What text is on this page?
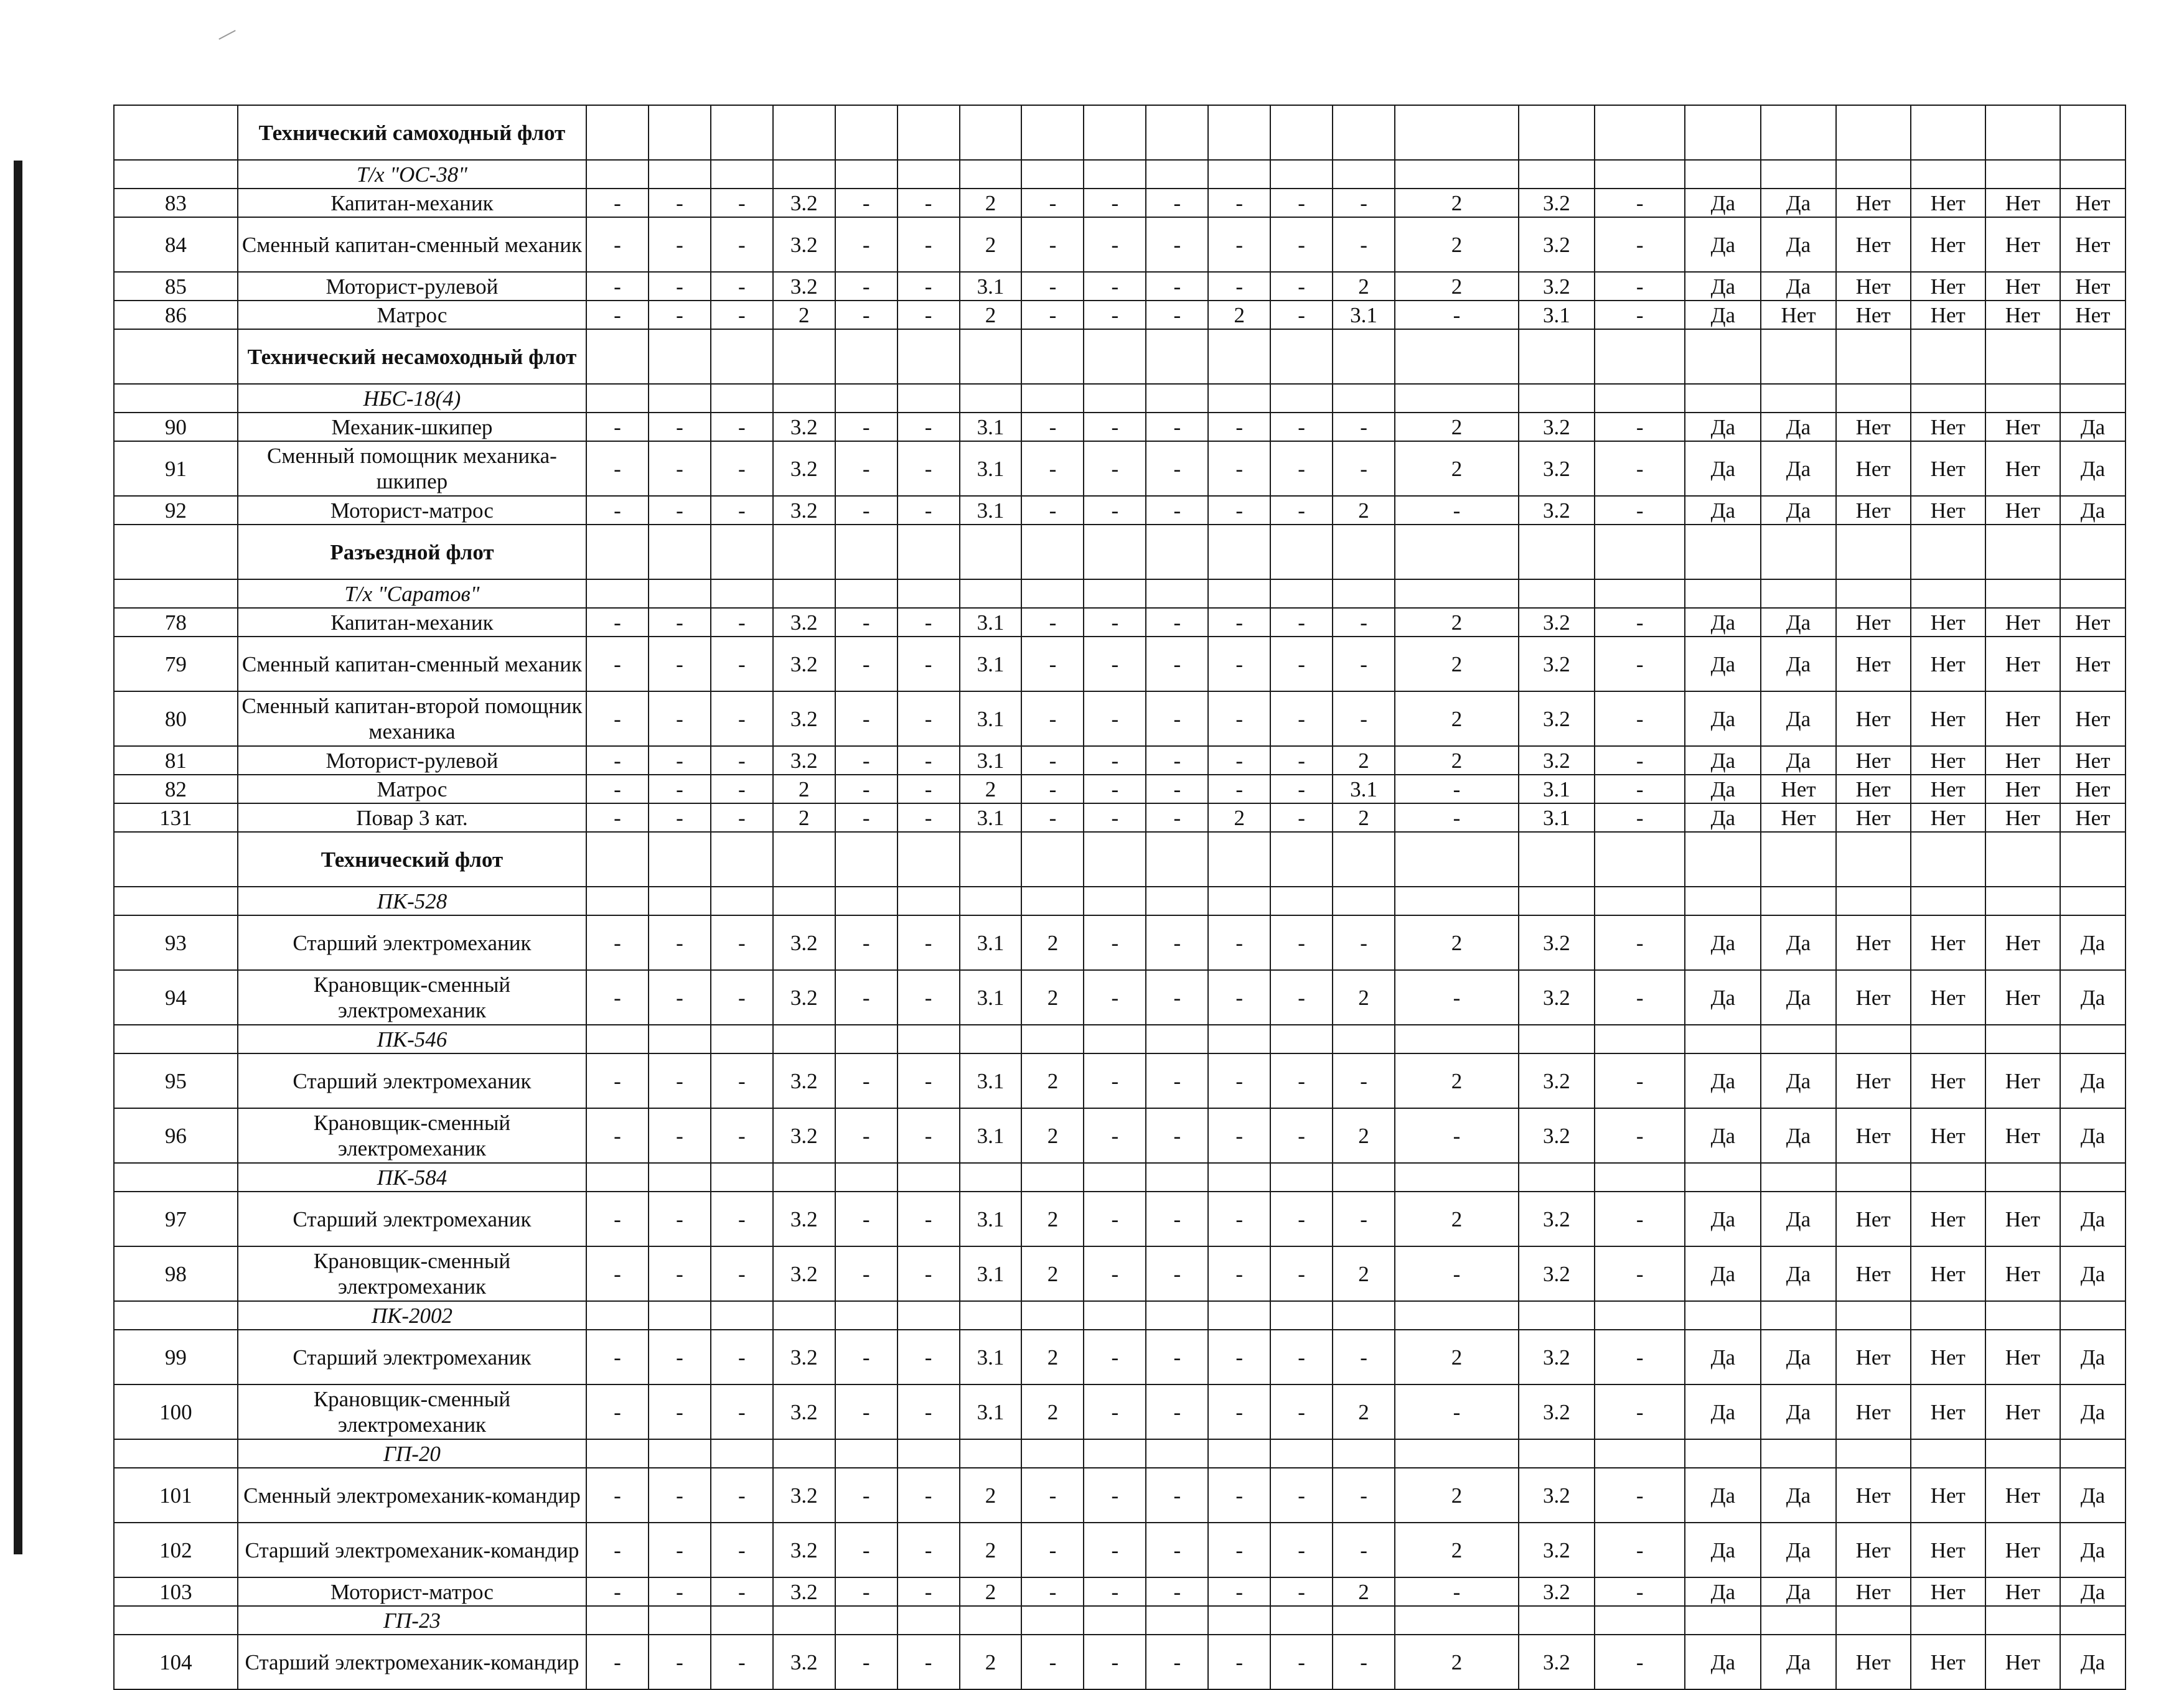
	Технический самоходный флот																						
	Т/х "ОС-38"																						
83	Капитан-механик	-	-	-	3.2	-	-	2	-	-	-	-	-	-	2	3.2	-	Да	Да	Нет	Нет	Нет	Нет
84	Сменный капитан-сменный механик	-	-	-	3.2	-	-	2	-	-	-	-	-	-	2	3.2	-	Да	Да	Нет	Нет	Нет	Нет
85	Моторист-рулевой	-	-	-	3.2	-	-	3.1	-	-	-	-	-	2	2	3.2	-	Да	Да	Нет	Нет	Нет	Нет
86	Матрос	-	-	-	2	-	-	2	-	-	-	2	-	3.1	-	3.1	-	Да	Нет	Нет	Нет	Нет	Нет
	Технический несамоходный флот																						
	НБС-18(4)																						
90	Механик-шкипер	-	-	-	3.2	-	-	3.1	-	-	-	-	-	-	2	3.2	-	Да	Да	Нет	Нет	Нет	Да
91	Сменный помощник механика-шкипер	-	-	-	3.2	-	-	3.1	-	-	-	-	-	-	2	3.2	-	Да	Да	Нет	Нет	Нет	Да
92	Моторист-матрос	-	-	-	3.2	-	-	3.1	-	-	-	-	-	2	-	3.2	-	Да	Да	Нет	Нет	Нет	Да
	Разъездной флот																						
	Т/х "Саратов"																						
78	Капитан-механик	-	-	-	3.2	-	-	3.1	-	-	-	-	-	-	2	3.2	-	Да	Да	Нет	Нет	Нет	Нет
79	Сменный капитан-сменный механик	-	-	-	3.2	-	-	3.1	-	-	-	-	-	-	2	3.2	-	Да	Да	Нет	Нет	Нет	Нет
80	Сменный капитан-второй помощник механика	-	-	-	3.2	-	-	3.1	-	-	-	-	-	-	2	3.2	-	Да	Да	Нет	Нет	Нет	Нет
81	Моторист-рулевой	-	-	-	3.2	-	-	3.1	-	-	-	-	-	2	2	3.2	-	Да	Да	Нет	Нет	Нет	Нет
82	Матрос	-	-	-	2	-	-	2	-	-	-	-	-	3.1	-	3.1	-	Да	Нет	Нет	Нет	Нет	Нет
131	Повар 3 кат.	-	-	-	2	-	-	3.1	-	-	-	2	-	2	-	3.1	-	Да	Нет	Нет	Нет	Нет	Нет
	Технический флот																						
	ПК-528																						
93	Старший электромеханик	-	-	-	3.2	-	-	3.1	2	-	-	-	-	-	2	3.2	-	Да	Да	Нет	Нет	Нет	Да
94	Крановщик-сменный электромеханик	-	-	-	3.2	-	-	3.1	2	-	-	-	-	2	-	3.2	-	Да	Да	Нет	Нет	Нет	Да
	ПК-546																						
95	Старший электромеханик	-	-	-	3.2	-	-	3.1	2	-	-	-	-	-	2	3.2	-	Да	Да	Нет	Нет	Нет	Да
96	Крановщик-сменный электромеханик	-	-	-	3.2	-	-	3.1	2	-	-	-	-	2	-	3.2	-	Да	Да	Нет	Нет	Нет	Да
	ПК-584																						
97	Старший электромеханик	-	-	-	3.2	-	-	3.1	2	-	-	-	-	-	2	3.2	-	Да	Да	Нет	Нет	Нет	Да
98	Крановщик-сменный электромеханик	-	-	-	3.2	-	-	3.1	2	-	-	-	-	2	-	3.2	-	Да	Да	Нет	Нет	Нет	Да
	ПК-2002																						
99	Старший электромеханик	-	-	-	3.2	-	-	3.1	2	-	-	-	-	-	2	3.2	-	Да	Да	Нет	Нет	Нет	Да
100	Крановщик-сменный электромеханик	-	-	-	3.2	-	-	3.1	2	-	-	-	-	2	-	3.2	-	Да	Да	Нет	Нет	Нет	Да
	ГП-20																						
101	Сменный электромеханик-командир	-	-	-	3.2	-	-	2	-	-	-	-	-	-	2	3.2	-	Да	Да	Нет	Нет	Нет	Да
102	Старший электромеханик-командир	-	-	-	3.2	-	-	2	-	-	-	-	-	-	2	3.2	-	Да	Да	Нет	Нет	Нет	Да
103	Моторист-матрос	-	-	-	3.2	-	-	2	-	-	-	-	-	2	-	3.2	-	Да	Да	Нет	Нет	Нет	Да
	ГП-23																						
104	Старший электромеханик-командир	-	-	-	3.2	-	-	2	-	-	-	-	-	-	2	3.2	-	Да	Да	Нет	Нет	Нет	Да
